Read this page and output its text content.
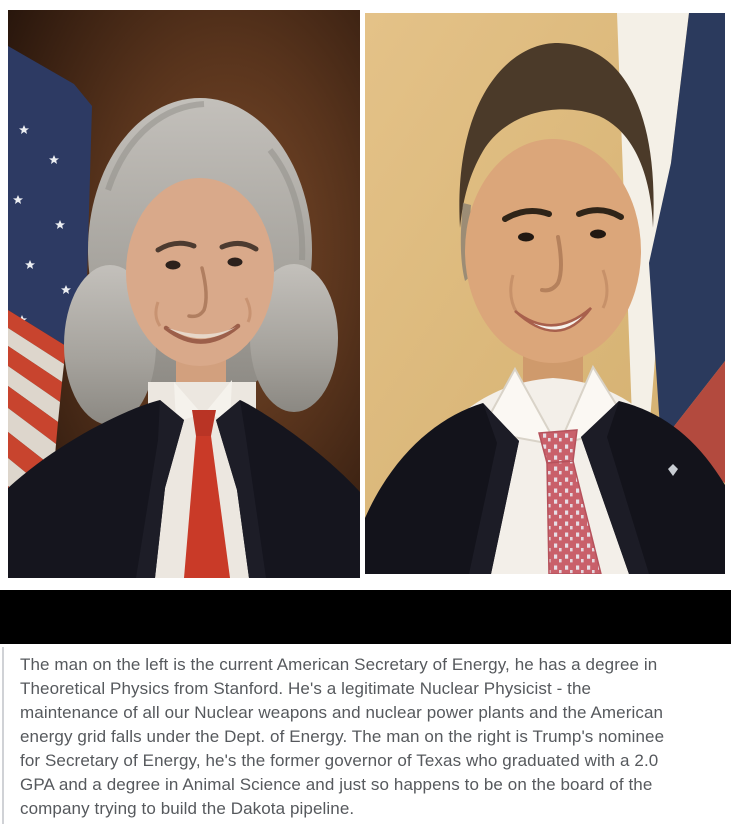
The man on the left is the current American Secretary of Energy, he has a degree in
Theoretical Physics from Stanford. He's a legitimate Nuclear Physicist - the
maintenance of all our Nuclear weapons and nuclear power plants and the American
energy grid falls under the Dept. of Energy. The man on the right is Trump's nominee
for Secretary of Energy, he's the former governor of Texas who graduated with a 2.0
GPA and a degree in Animal Science and just so happens to be on the board of the
company trying to build the Dakota pipeline.
